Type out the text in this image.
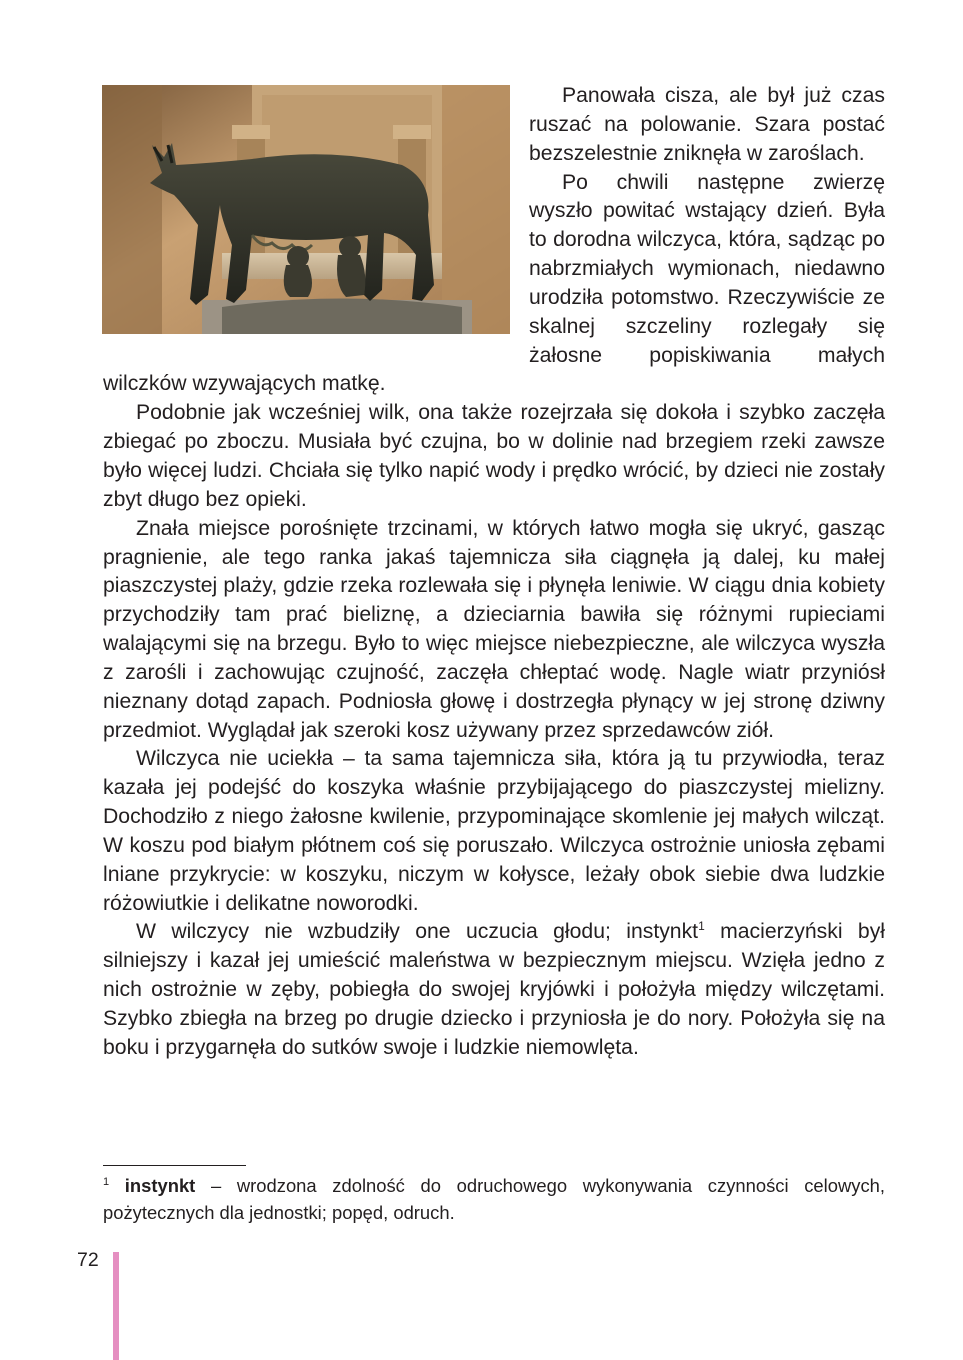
Panowała cisza, ale był już czas ruszać na polowanie. Szara postać bezszelestnie zniknęła w zaroślach.

Po chwili następne zwierzę wyszło powitać wstający dzień. Była to dorodna wilczyca, która, sądząc po nabrzmiałych wymionach, niedawno urodziła potomstwo. Rzeczywiście ze skalnej szczeliny rozlegały się żałosne popiskiwania małych wilczków wzywających matkę.

Podobnie jak wcześniej wilk, ona także rozejrzała się dokoła i szybko zaczęła zbiegać po zboczu. Musiała być czujna, bo w dolinie nad brzegiem rzeki zawsze było więcej ludzi. Chciała się tylko napić wody i prędko wrócić, by dzieci nie zostały zbyt długo bez opieki.

Znała miejsce porośnięte trzcinami, w których łatwo mogła się ukryć, gasząc pragnienie, ale tego ranka jakaś tajemnicza siła ciągnęła ją dalej, ku małej piaszczystej plaży, gdzie rzeka rozlewała się i płynęła leniwie. W ciągu dnia kobiety przychodziły tam prać bieliznę, a dzieciarnia bawiła się różnymi rupieciami walającymi się na brzegu. Było to więc miejsce niebezpieczne, ale wilczyca wyszła z zarośli i zachowując czujność, zaczęła chłeptać wodę. Nagle wiatr przyniósł nieznany dotąd zapach. Podniosła głowę i dostrzegła płynący w jej stronę dziwny przedmiot. Wyglądał jak szeroki kosz używany przez sprzedawców ziół.

Wilczyca nie uciekła – ta sama tajemnicza siła, która ją tu przywiodła, teraz kazała jej podejść do koszyka właśnie przybijającego do piaszczystej mielizny. Dochodziło z niego żałosne kwilenie, przypominające skomlenie jej małych wilcząt. W koszu pod białym płótnem coś się poruszało. Wilczyca ostrożnie uniosła zębami lniane przykrycie: w koszyku, niczym w kołysce, leżały obok siebie dwa ludzkie różowiutkie i delikatne noworodki.

W wilczycy nie wzbudziły one uczucia głodu; instynkt$^1$ macierzyński był silniejszy i kazał jej umieścić maleństwa w bezpiecznym miejscu. Wzięła jedno z nich ostrożnie w zęby, pobiegła do swojej kryjówki i położyła między wilczętami. Szybko zbiegła na brzeg po drugie dziecko i przyniosła je do nory. Położyła się na boku i przygarnęła do sutków swoje i ludzkie niemowlęta.

$^1$ instynkt – wrodzona zdolność do odruchowego wykonywania czynności celowych, pożytecznych dla jednostki; popęd, odruch.
72
